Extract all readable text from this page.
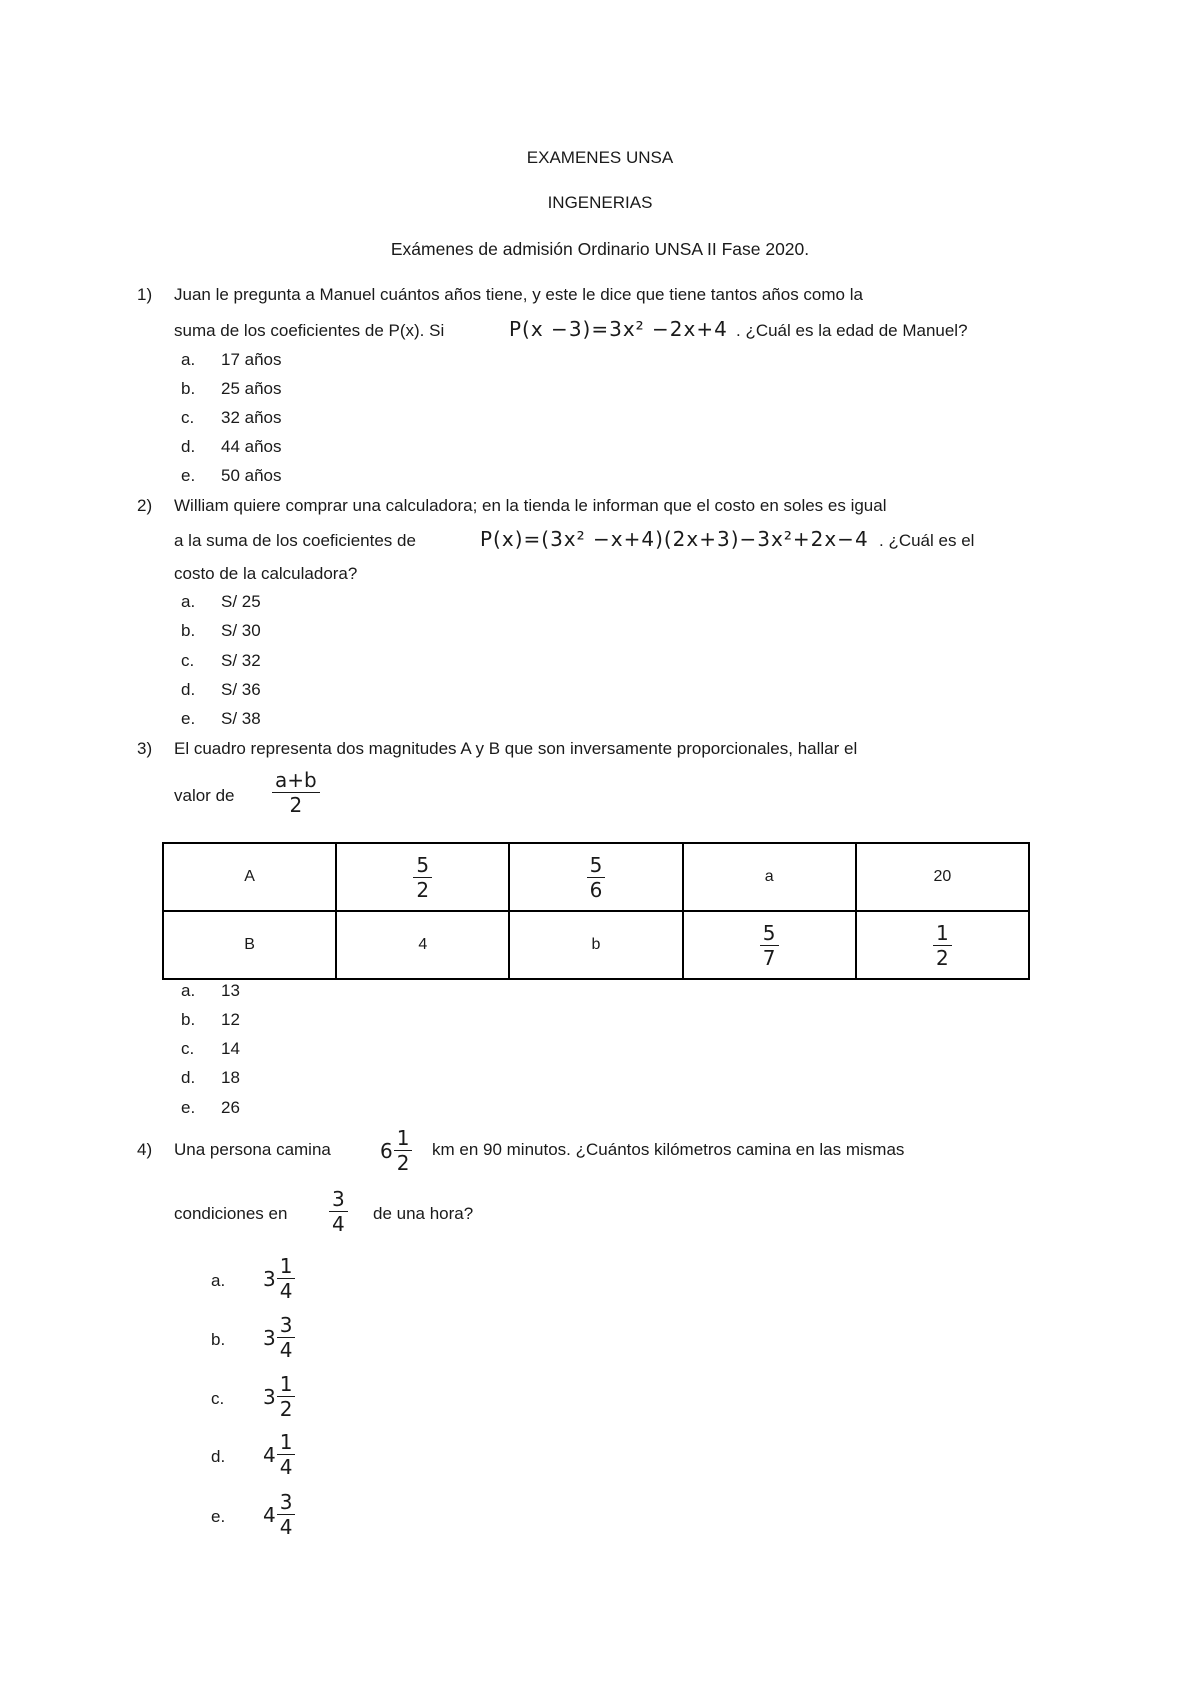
EXAMENES UNSA
INGENERIAS
Exámenes de admisión Ordinario UNSA II Fase 2020.
1) Juan le pregunta a Manuel cuántos años tiene, y este le dice que tiene tantos años como la
suma de los coeficientes de P(x). Si	P(x −3)=3x² −2x+4 . ¿Cuál es la edad de Manuel?
a. 17 años
b. 25 años
c. 32 años
d. 44 años
e. 50 años
2) William quiere comprar una calculadora; en la tienda le informan que el costo en soles es igual
a la suma de los coeficientes de	P(x)=(3x² −x+4)(2x+3)−3x²+2x−4 . ¿Cuál es el
costo de la calculadora?
a. S/ 25
b. S/ 30
c. S/ 32
d. S/ 36
e. S/ 38
3) El cuadro representa dos magnitudes A y B que son inversamente proporcionales, hallar el
valor de $\frac{a+b}{2}$
A	$\frac{5}{2}$	$\frac{5}{6}$	a	20
B	4	b	$\frac{5}{7}$	$\frac{1}{2}$
a. 13
b. 12
c. 14
d. 18
e. 26
4) Una persona camina $6 \frac{1}{2}$ km en 90 minutos. ¿Cuántos kilómetros camina en las mismas
condiciones en $\frac{3}{4}$ de una hora?
a. $3 \frac{1}{4}$
b. $3 \frac{3}{4}$
c. $3 \frac{1}{2}$
d. $4 \frac{1}{4}$
e. $4 \frac{3}{4}$
